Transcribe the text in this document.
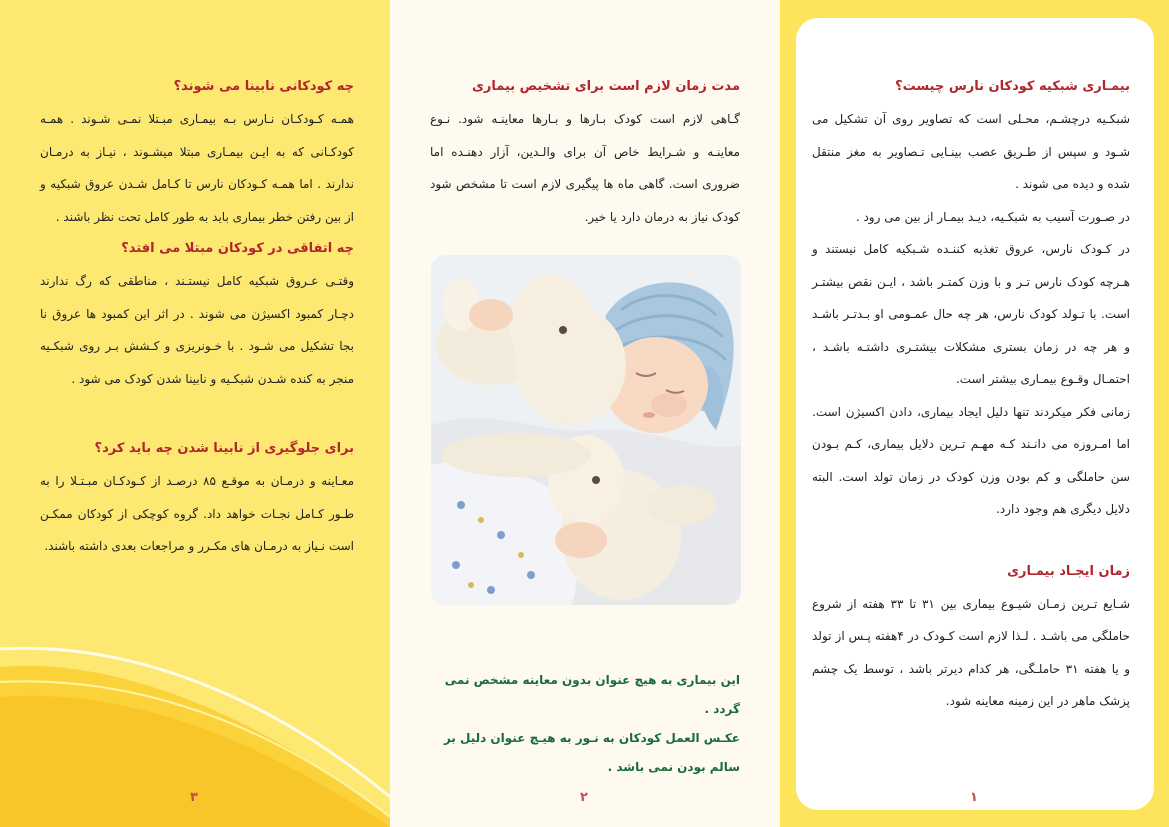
چه کودکانی نابینا می شوند؟

همـه کـودکـان نـارس بـه بیمـاری مبـتلا نمـی شـوند . همـه کودکـانی که به ایـن بیمـاری مبتلا میشـوند ، نیـاز به درمـان ندارند . اما همـه کـودکان نارس تا کـامل شـدن عروق شبکیه و از بین رفتن خطر بیماری باید به طور کامل تحت نظر باشند .

چه اتفاقی در کودکان مبتلا می افتد؟

وقتـی عـروق شبکیه کامل نیستـند ، مناطقی که رگ ندارند دچـار کمبود اکسیژن می شوند . در اثر این کمبود ها عروق نا بجا تشکیل می شـود . با خـونریزی و کـشش بـر روی شبکـیه منجر به کنده شـدن شبکـیه و نابینا شدن کودک می شود .

برای جلوگیری از نابینا شدن چه باید کرد؟

معـاینه و درمـان به موقـع ۸۵ درصـد از کـودکـان مبـتـلا را به طـور کـامل نجـات خواهد داد. گروه کوچکی از کودکان ممکـن است نـیاز به درمـان های مکـرر و مراجعات بعدی داشته باشند.

۳
مدت زمان لازم است برای تشخیص بیماری

گـاهی لازم است کودک بـارها و بـارها معاینـه شود. نـوع معاینـه و شـرایط خاص آن برای والـدین، آزار دهنـده اما ضروری است. گاهی ماه ها پیگیری لازم است تا مشخص شود کودک نیاز به درمان دارد یا خیر.

این بیماری به هیچ عنوان بدون معاینه مشخص نمی گردد .

عکـس العمل کودکان به نـور به هیـچ عنوان دلیل بر سالم بودن نمی باشد .

۲
بیمـاری شبکیه کودکان نارس چیست؟

شبکـیه درچشـم، محـلی است که تصاویر روی آن تشکیل می شـود و سپس از طـریق عصب بینـایی تـصاویر به مغز منتقل شده و دیده می شوند .

در صـورت آسیب به شبکـیه، دیـد بیمـار از بین می رود .

در کـودک نارس، عروق تغذیه کننـده شـبکیه کامل نیستند و هـرچه کودک نارس تـر و با وزن کمتـر باشد ، ایـن نقص بیشتـر است. با تـولد کودک نارس، هر چه حال عمـومی او بـدتـر باشـد و هر چه در زمان بستری مشکلات بیشتـری داشتـه باشـد ، احتمـال وقـوع بیمـاری بیشتر است.

زمانی فکر میکردند تنها دلیل ایجاد بیماری، دادن اکسیژن است. اما امـروزه می دانـند کـه مهـم تـرین دلایل بیماری، کـم بـودن سن حاملگی و کم بودن وزن کودک در زمان تولد است. البته دلایل دیگری هم وجود دارد.

زمان ایجـاد بیمـاری

شـایع تـرین زمـان شیـوع بیماری بین ۳۱ تا ۳۳ هفته از شروع حاملگی می باشـد . لـذا لازم است کـودک در ۴هفته پـس از تولد و یا هفته ۳۱ حاملـگی، هر کدام دیرتر باشد ، توسط یک چشم پزشک ماهر در این زمینه معاینه شود.

۱
